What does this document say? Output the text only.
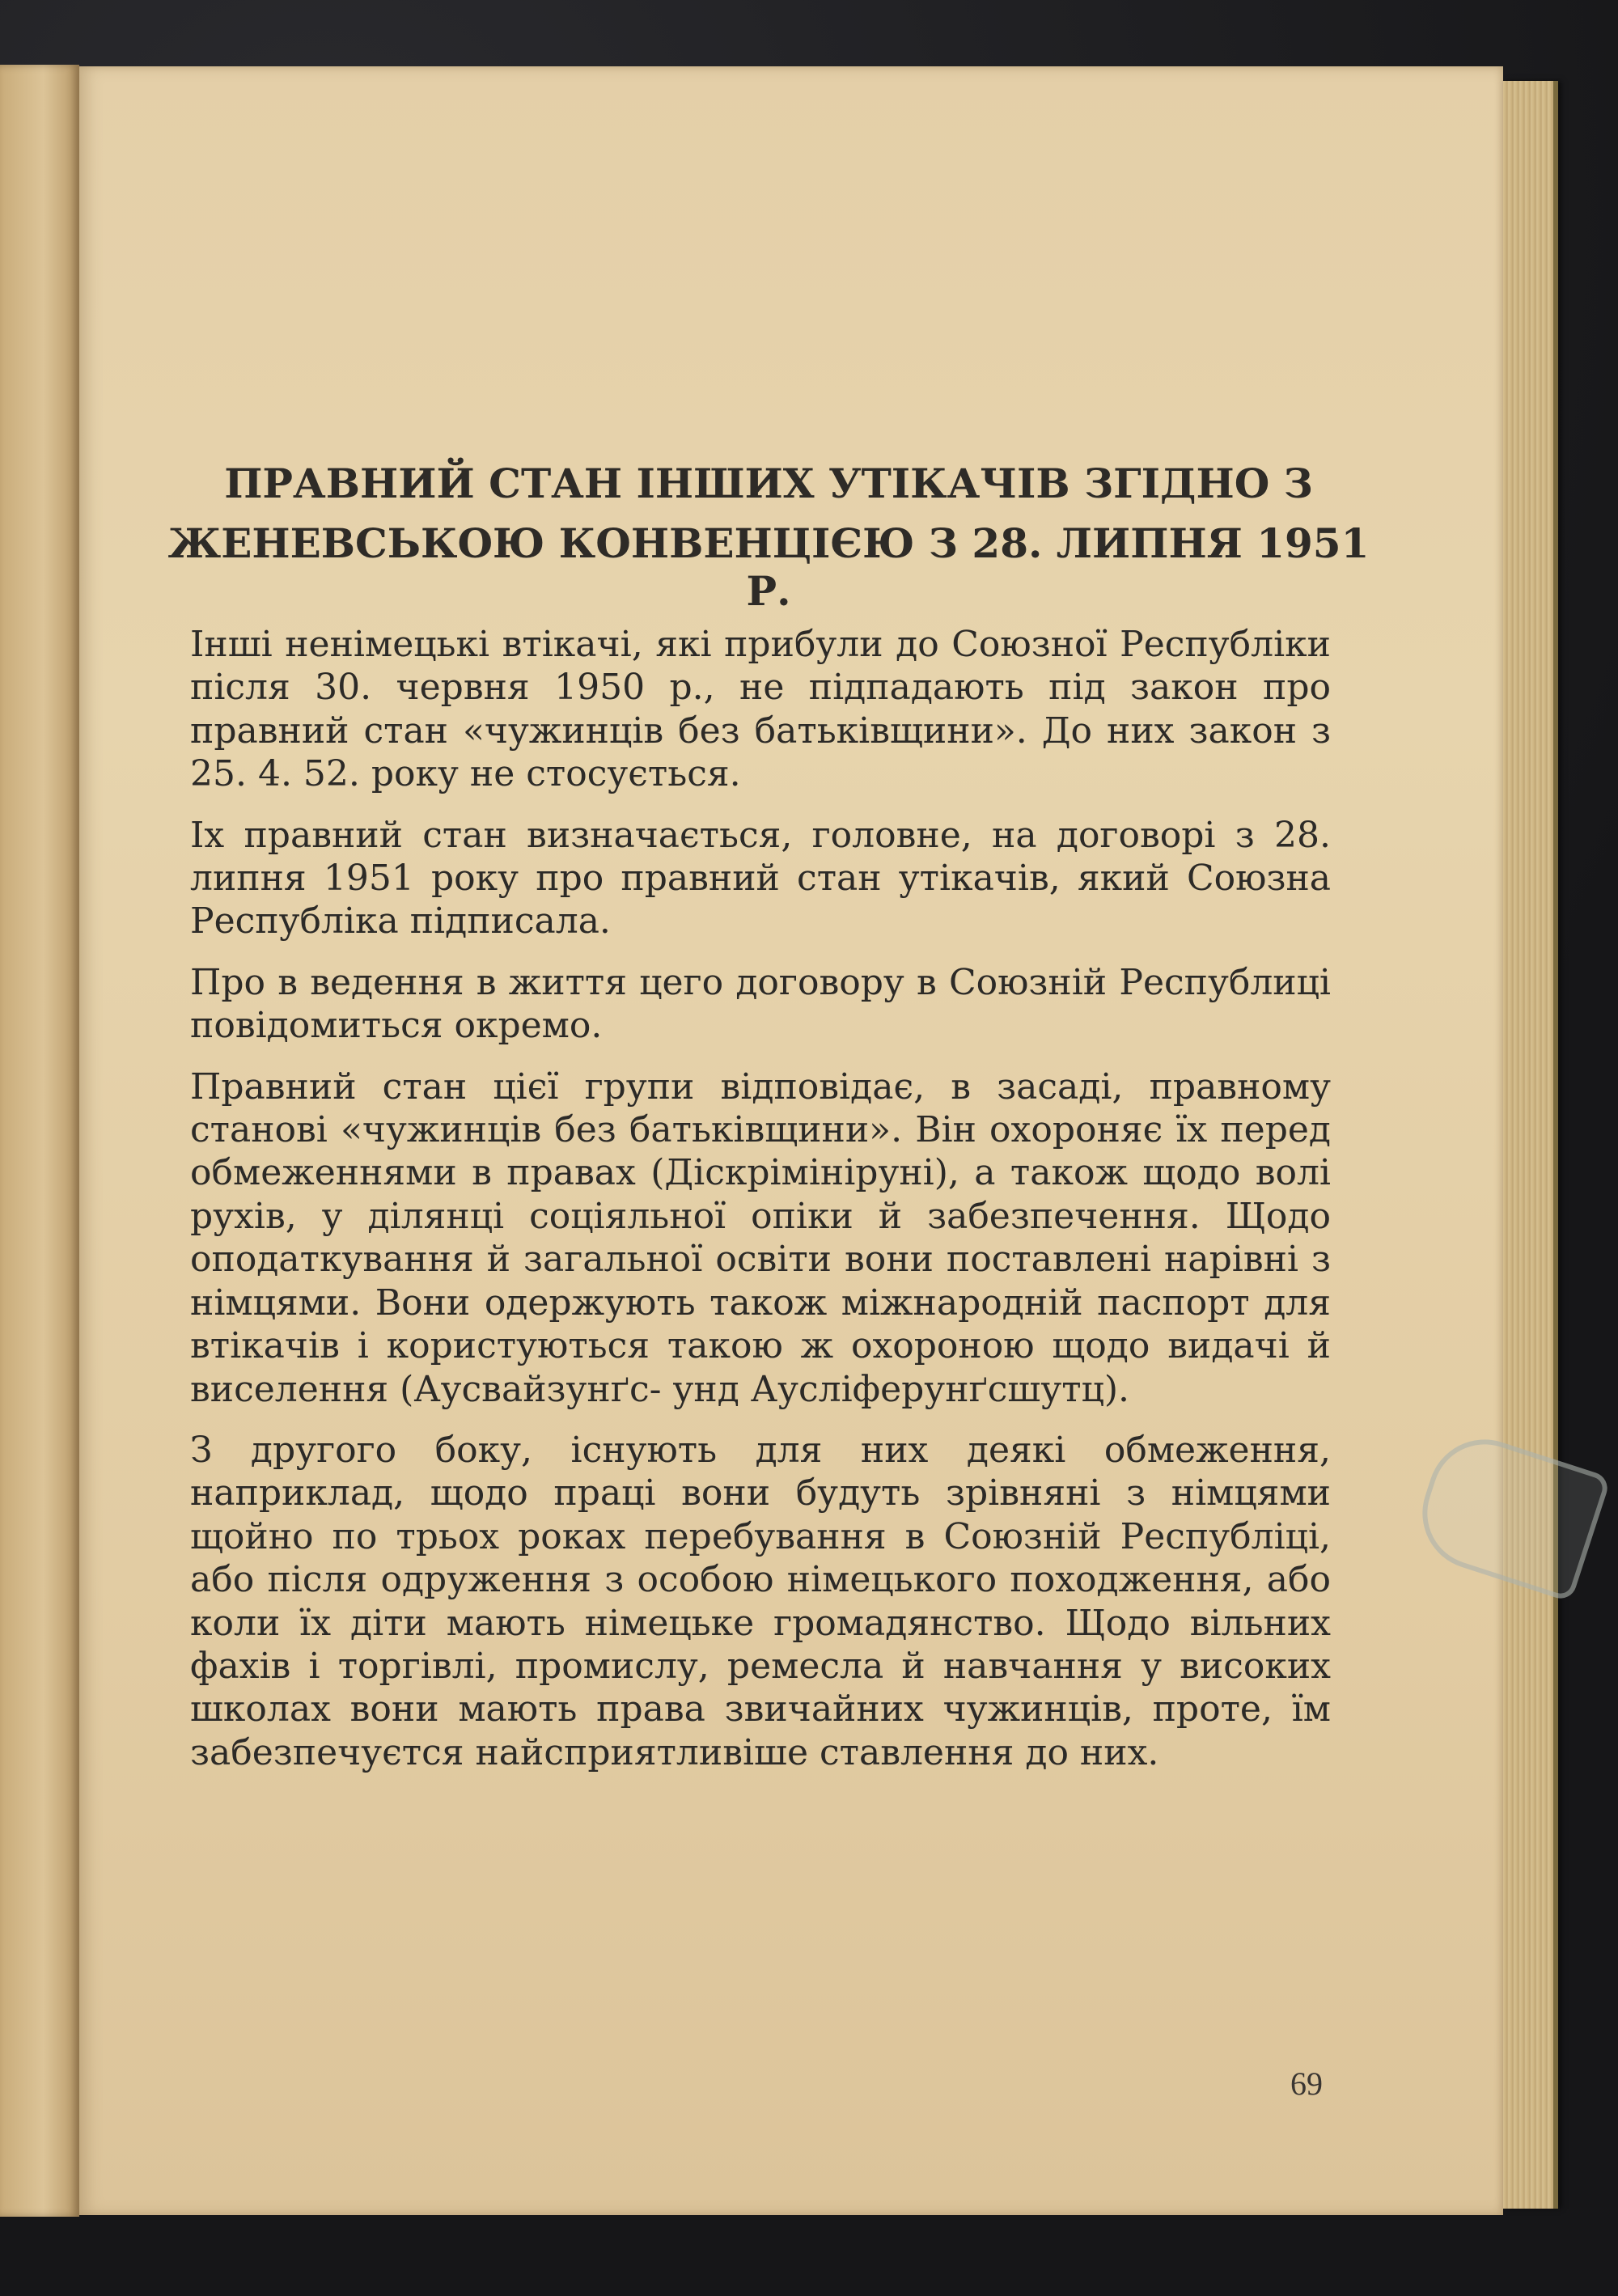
ПРАВНИЙ СТАН ІНШИХ УТІКАЧІВ ЗГІДНО З
ЖЕНЕВСЬКОЮ КОНВЕНЦІЄЮ З 28. ЛИПНЯ 1951 Р.

Інші ненімецькі втікачі, які прибули до Союзної Республіки після 30. червня 1950 р., не підпадають під закон про правний стан «чужинців без батьківщини». До них закон з 25. 4. 52. року не стосується.

Іх правний стан визначається, головне, на договорі з 28. липня 1951 року про правний стан утікачів, який Союзна Республіка підписала.

Про в ведення в життя цего договору в Союзній Республиці повідомиться окремо.

Правний стан цієї групи відповідає, в засаді, правному станові «чужинців без батьківщини». Він охороняє їх перед обмеженнями в правах (Діскрімініруні), а також щодо волі рухів, у ділянці соціяльної опіки й забезпечення. Щодо оподаткування й загальної освіти вони поставлені нарівні з німцями. Вони одержують також міжнародній паспорт для втікачів і користуються такою ж охороною щодо видачі й виселення (Аусвайзунґс- унд Аусліферунґсшутц).

З другого боку, існують для них деякі обмеження, наприклад, щодо праці вони будуть зрівняні з німцями щойно по трьох роках перебування в Союзній Республіці, або після одруження з особою німецького походження, або коли їх діти мають німецьке громадянство. Щодо вільних фахів і торгівлі, промислу, ремесла й навчання у високих школах вони мають права звичайних чужинців, проте, їм забезпечуєтся найсприятливіше ставлення до них.

69
